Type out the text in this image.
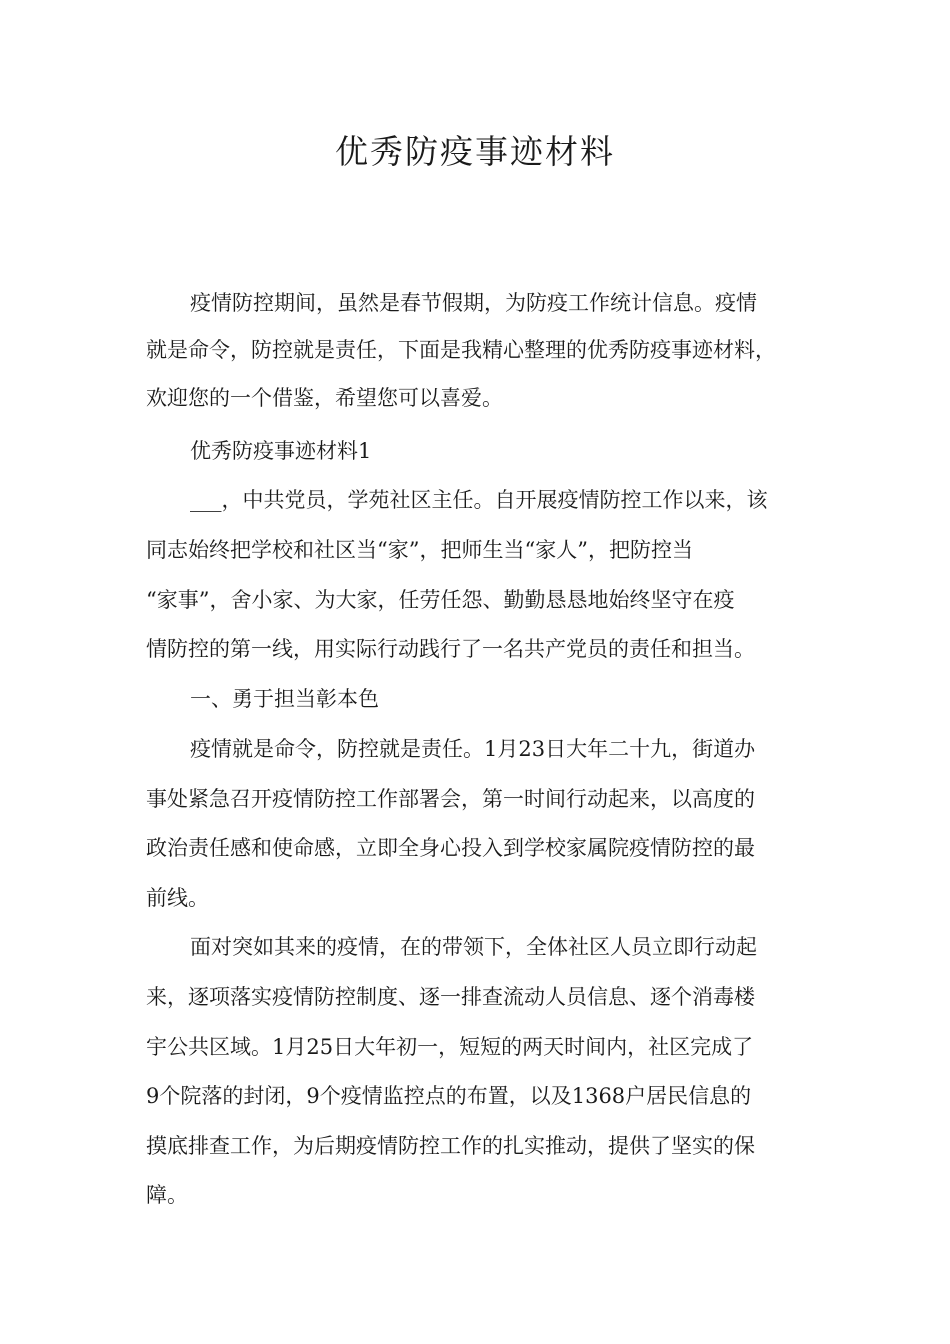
优秀防疫事迹材料

疫情防控期间，虽然是春节假期，为防疫工作统计信息。疫情

就是命令，防控就是责任，下面是我精心整理的优秀防疫事迹材料，

欢迎您的一个借鉴，希望您可以喜爱。

优秀防疫事迹材料1

___，中共党员，学苑社区主任。自开展疫情防控工作以来，该

同志始终把学校和社区当“家”，把师生当“家人”，把防控当

“家事”，舍小家、为大家，任劳任怨、勤勤恳恳地始终坚守在疫

情防控的第一线，用实际行动践行了一名共产党员的责任和担当。

一、勇于担当彰本色

疫情就是命令，防控就是责任。1月23日大年二十九，街道办

事处紧急召开疫情防控工作部署会，第一时间行动起来，以高度的

政治责任感和使命感，立即全身心投入到学校家属院疫情防控的最

前线。

面对突如其来的疫情，在的带领下，全体社区人员立即行动起

来，逐项落实疫情防控制度、逐一排查流动人员信息、逐个消毒楼

宇公共区域。1月25日大年初一，短短的两天时间内，社区完成了

9个院落的封闭，9个疫情监控点的布置，以及1368户居民信息的

摸底排查工作，为后期疫情防控工作的扎实推动，提供了坚实的保

障。
